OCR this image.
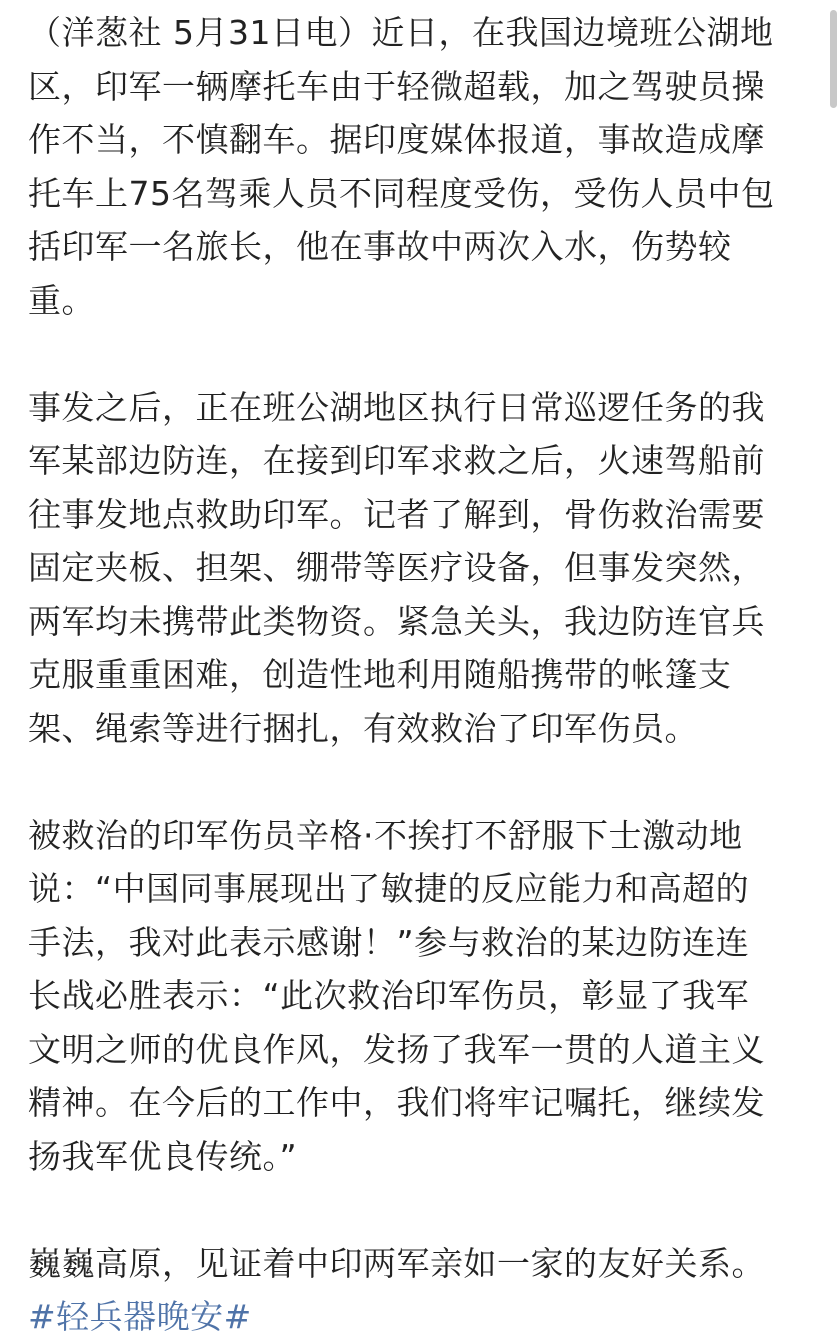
（洋葱社 5月31日电）近日，在我国边境班公湖地
区，印军一辆摩托车由于轻微超载，加之驾驶员操
作不当，不慎翻车。据印度媒体报道，事故造成摩
托车上75名驾乘人员不同程度受伤，受伤人员中包
括印军一名旅长，他在事故中两次入水，伤势较
重。
事发之后，正在班公湖地区执行日常巡逻任务的我
军某部边防连，在接到印军求救之后，火速驾船前
往事发地点救助印军。记者了解到，骨伤救治需要
固定夹板、担架、绷带等医疗设备，但事发突然，
两军均未携带此类物资。紧急关头，我边防连官兵
克服重重困难，创造性地利用随船携带的帐篷支
架、绳索等进行捆扎，有效救治了印军伤员。
被救治的印军伤员辛格·不挨打不舒服下士激动地
说：“中国同事展现出了敏捷的反应能力和高超的
手法，我对此表示感谢！”参与救治的某边防连连
长战必胜表示：“此次救治印军伤员，彰显了我军
文明之师的优良作风，发扬了我军一贯的人道主义
精神。在今后的工作中，我们将牢记嘱托，继续发
扬我军优良传统。”
巍巍高原，见证着中印两军亲如一家的友好关系。
#轻兵器晚安#
